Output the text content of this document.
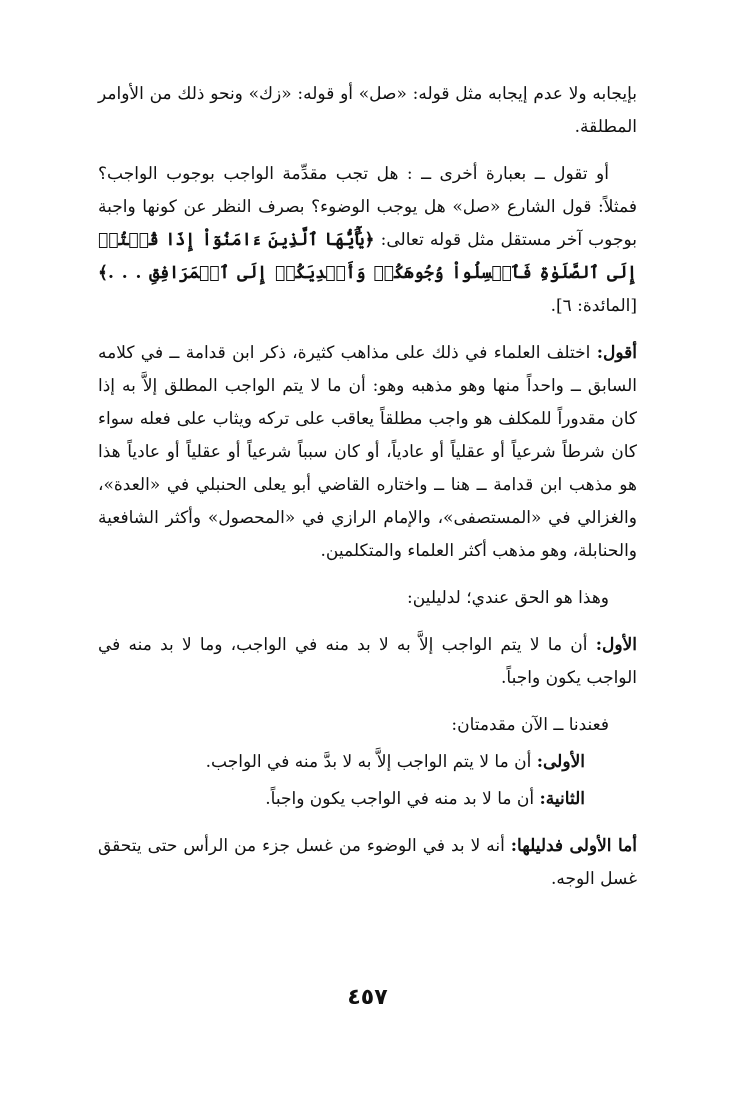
بإيجابه ولا عدم إيجابه مثل قوله: «صل» أو قوله: «زك» ونحو ذلك من الأوامر المطلقة.

أو تقول ــ بعبارة أخرى ــ : هل تجب مقدِّمة الواجب بوجوب الواجب؟ فمثلاً: قول الشارع «صل» هل يوجب الوضوء؟ بصرف النظر عن كونها واجبة بوجوب آخر مستقل مثل قوله تعالى: ﴿يَٰٓأَيُّهَا ٱلَّذِينَ ءَامَنُوٓاْ إِذَا قُمۡتُمۡ إِلَى ٱلصَّلَوٰةِ فَٱغۡسِلُواْ وُجُوهَكُمۡ وَأَيۡدِيَكُمۡ إِلَى ٱلۡمَرَافِقِ . . .﴾ [المائدة: ٦].

أقول: اختلف العلماء في ذلك على مذاهب كثيرة، ذكر ابن قدامة ــ في كلامه السابق ــ واحداً منها وهو مذهبه وهو: أن ما لا يتم الواجب المطلق إلاَّ به إذا كان مقدوراً للمكلف هو واجب مطلقاً يعاقب على تركه ويثاب على فعله سواء كان شرطاً شرعياً أو عقلياً أو عادياً، أو كان سبباً شرعياً أو عقلياً أو عادياً هذا هو مذهب ابن قدامة ــ هنا ــ واختاره القاضي أبو يعلى الحنبلي في «العدة»، والغزالي في «المستصفى»، والإمام الرازي في «المحصول» وأكثر الشافعية والحنابلة، وهو مذهب أكثر العلماء والمتكلمين.

وهذا هو الحق عندي؛ لدليلين:

الأول: أن ما لا يتم الواجب إلاَّ به لا بد منه في الواجب، وما لا بد منه في الواجب يكون واجباً.

فعندنا ــ الآن مقدمتان:

الأولى: أن ما لا يتم الواجب إلاَّ به لا بدَّ منه في الواجب.

الثانية: أن ما لا بد منه في الواجب يكون واجباً.

أما الأولى فدليلها: أنه لا بد في الوضوء من غسل جزء من الرأس حتى يتحقق غسل الوجه.

٤٥٧
